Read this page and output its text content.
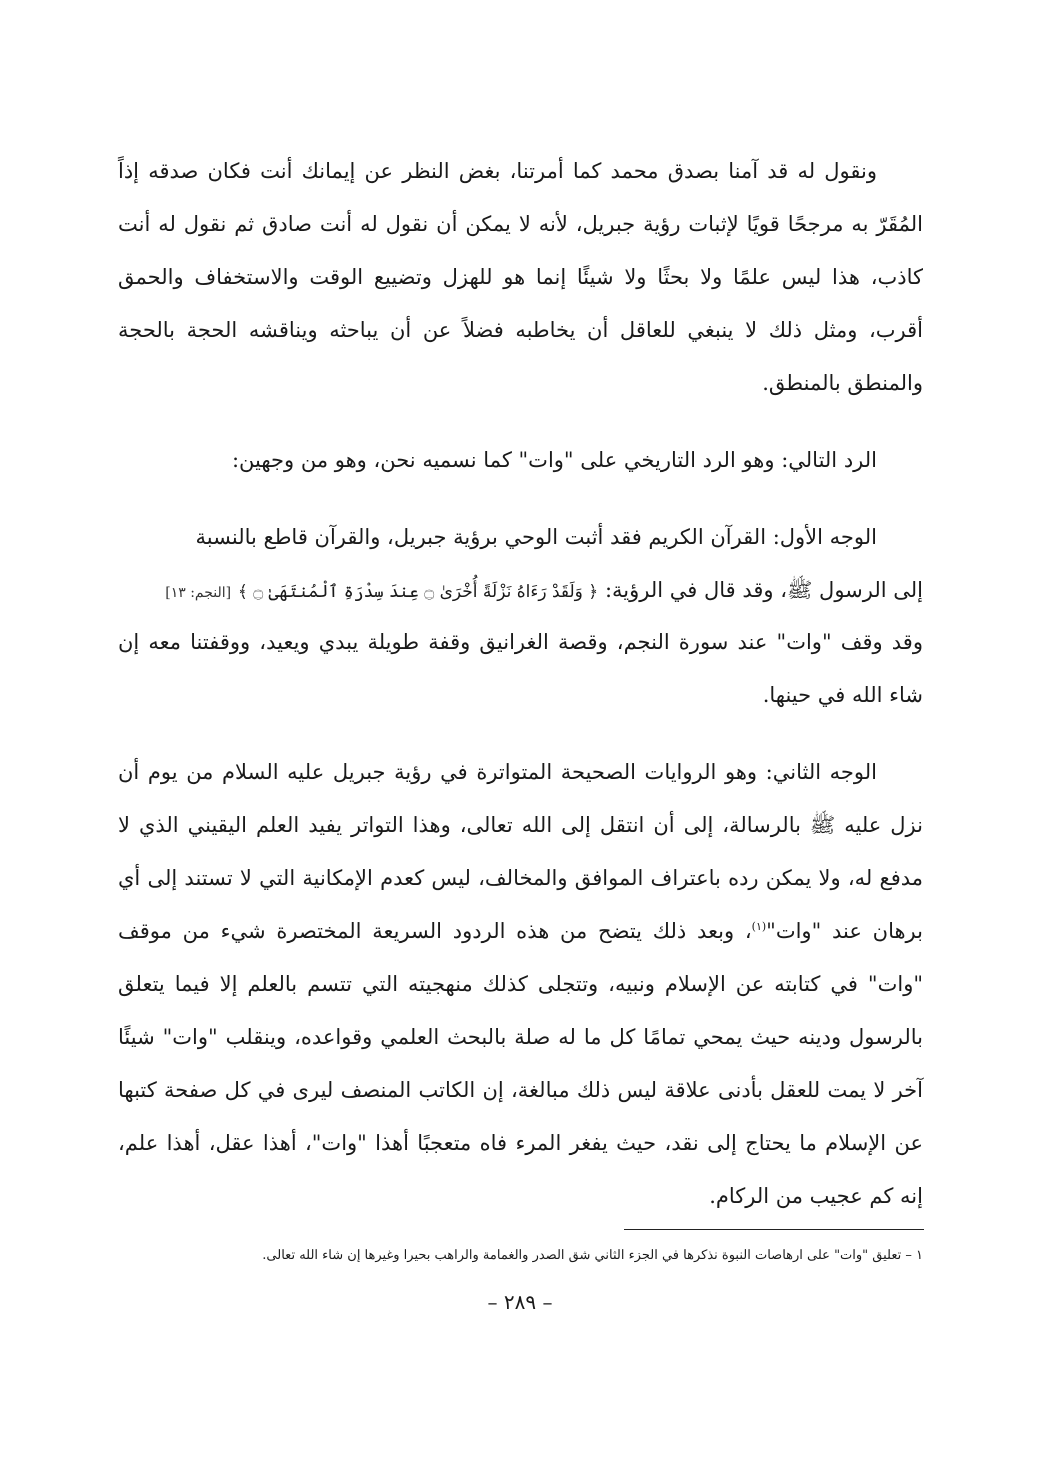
ونقول له قد آمنا بصدق محمد كما أمرتنا، بغض النظر عن إيمانك أنت فكان صدقه إذاً المُقَرّ به مرجحًا قويًا لإثبات رؤية جبريل، لأنه لا يمكن أن نقول له أنت صادق ثم نقول له أنت كاذب، هذا ليس علمًا ولا بحثًا ولا شيئًا إنما هو للهزل وتضييع الوقت والاستخفاف والحمق أقرب، ومثل ذلك لا ينبغي للعاقل أن يخاطبه فضلاً عن أن يباحثه ويناقشه الحجة بالحجة والمنطق بالمنطق.

الرد التالي: وهو الرد التاريخي على "وات" كما نسميه نحن، وهو من وجهين:

الوجه الأول: القرآن الكريم فقد أثبت الوحي برؤية جبريل، والقرآن قاطع بالنسبة

إلى الرسول ﷺ، وقد قال في الرؤية: ﴿ وَلَقَدْ رَءَاهُ نَزْلَةً أُخْرَىٰ ۝ عِندَ سِدْرَةِ ٱلْمُنتَهَىٰ ۝ ﴾ [النجم: ١٣]

وقد وقف "وات" عند سورة النجم، وقصة الغرانيق وقفة طويلة يبدي ويعيد، ووقفتنا معه إن شاء الله في حينها.

الوجه الثاني: وهو الروايات الصحيحة المتواترة في رؤية جبريل عليه السلام من يوم أن نزل عليه ﷺ بالرسالة، إلى أن انتقل إلى الله تعالى، وهذا التواتر يفيد العلم اليقيني الذي لا مدفع له، ولا يمكن رده باعتراف الموافق والمخالف، ليس كعدم الإمكانية التي لا تستند إلى أي برهان عند "وات"$^{(١)}$، وبعد ذلك يتضح من هذه الردود السريعة المختصرة شيء من موقف "وات" في كتابته عن الإسلام ونبيه، وتتجلى كذلك منهجيته التي تتسم بالعلم إلا فيما يتعلق بالرسول ودينه حيث يمحي تمامًا كل ما له صلة بالبحث العلمي وقواعده، وينقلب "وات" شيئًا آخر لا يمت للعقل بأدنى علاقة ليس ذلك مبالغة، إن الكاتب المنصف ليرى في كل صفحة كتبها عن الإسلام ما يحتاج إلى نقد، حيث يفغر المرء فاه متعجبًا أهذا "وات"، أهذا عقل، أهذا علم، إنه كم عجيب من الركام.

١ – تعليق "وات" على ارهاصات النبوة نذكرها في الجزء الثاني شق الصدر والغمامة والراهب بحيرا وغيرها إن شاء الله تعالى.
– ٢٨٩ –
